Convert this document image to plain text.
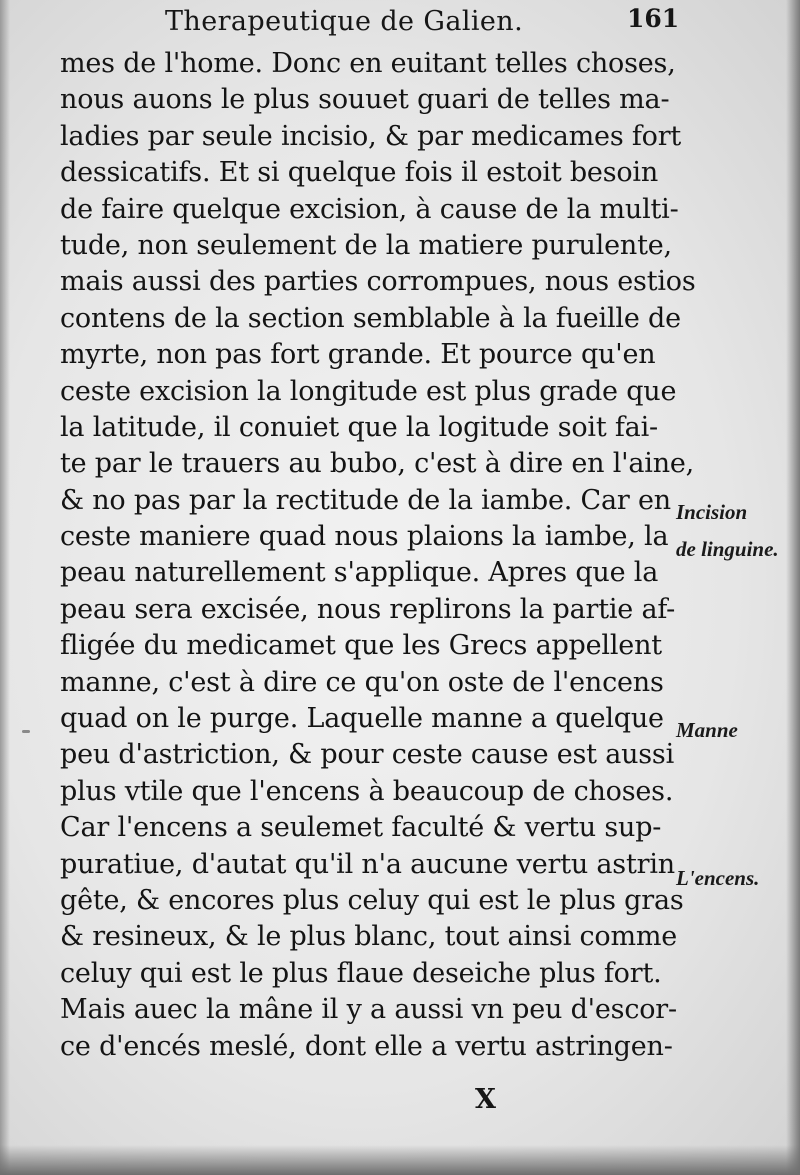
Therapeutique de Galien.	161
mes de l'home. Donc en euitant telles choses,
nous auons le plus souuet guari de telles ma-
ladies par seule incisio, & par medicames fort
dessicatifs. Et si quelque fois il estoit besoin
de faire quelque excision, à cause de la multi-
tude, non seulement de la matiere purulente,
mais aussi des parties corrompues, nous estios
contens de la section semblable à la fueille de
myrte, non pas fort grande. Et pource qu'en
ceste excision la longitude est plus grade que
la latitude, il conuiet que la logitude soit fai-
te par le trauers au bubo, c'est à dire en l'aine,
& no pas par la rectitude de la iambe. Car en
ceste maniere quad nous plaions la iambe, la
peau naturellement s'applique. Apres que la
peau sera excisée, nous replirons la partie af-
fligée du medicamet que les Grecs appellent
manne, c'est à dire ce qu'on oste de l'encens
quad on le purge. Laquelle manne a quelque
peu d'astriction, & pour ceste cause est aussi
plus vtile que l'encens à beaucoup de choses.
Car l'encens a seulemet faculté & vertu sup-
puratiue, d'autat qu'il n'a aucune vertu astrin
gête, & encores plus celuy qui est le plus gras
& resineux, & le plus blanc, tout ainsi comme
celuy qui est le plus flaue deseiche plus fort.
Mais auec la mâne il y a aussi vn peu d'escor-
ce d'encés meslé, dont elle a vertu astringen-
Incision
de linguine.
Manne
L'encens.
X
